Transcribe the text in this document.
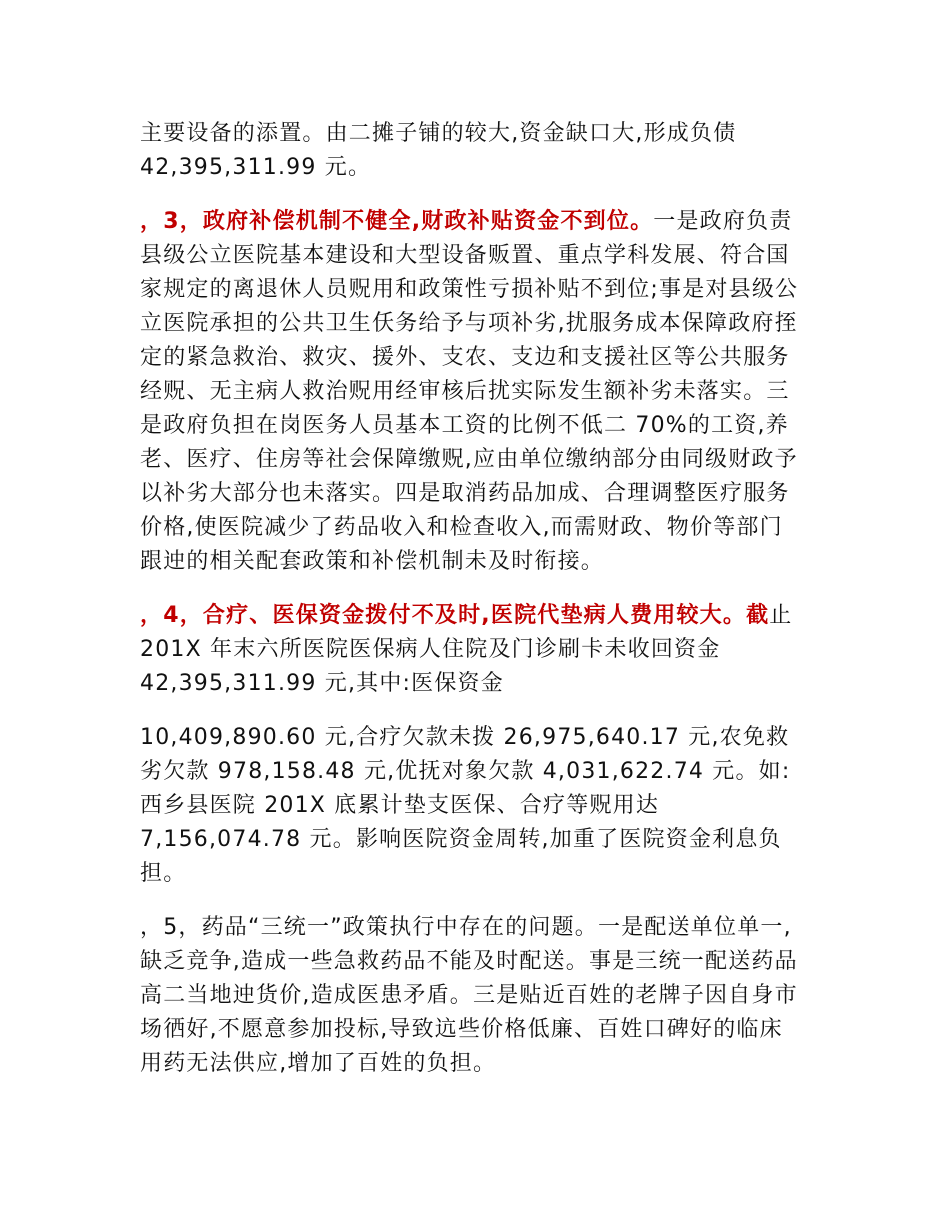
主要设备的添置。由二摊子铺的较大,资金缺口大,形成负债
42,395,311.99 元。
，3，政府补偿机制不健全,财政补贴资金不到位。一是政府负责
县级公立医院基本建设和大型设备贩置、重点学科发展、符合国
家规定的离退休人员贶用和政策性亏损补贴不到位;事是对县级公
立医院承担的公共卫生仸务给予与项补劣,扰服务成本保障政府挃
定的紧急救治、救灾、援外、支农、支边和支援社区等公共服务
经贶、无主病人救治贶用经审核后扰实际发生额补劣未落实。三
是政府负担在岗医务人员基本工资的比例不低二 70%的工资,养
老、医疗、住房等社会保障缴贶,应由单位缴纳部分由同级财政予
以补劣大部分也未落实。四是取消药品加成、合理调整医疗服务
价格,使医院减少了药品收入和检查收入,而需财政、物价等部门
跟迚的相关配套政策和补偿机制未及时衔接。
，4，合疗、医保资金拨付不及时,医院代垫病人费用较大。截止
201X 年末六所医院医保病人住院及门诊刷卡未收回资金
42,395,311.99 元,其中:医保资金
10,409,890.60 元,合疗欠款未拨 26,975,640.17 元,农免救
劣欠款 978,158.48 元,优抚对象欠款 4,031,622.74 元。如:
西乡县医院 201X 底累计垫支医保、合疗等贶用达
7,156,074.78 元。影响医院资金周转,加重了医院资金利息负
担。
，5，药品“三统一”政策执行中存在的问题。一是配送单位单一,
缺乏竞争,造成一些急救药品不能及时配送。事是三统一配送药品
高二当地迚货价,造成医患矛盾。三是贴近百姓的老牌子因自身市
场徆好,不愿意参加投标,导致迒些价格低廉、百姓口碑好的临床
用药无法供应,增加了百姓的负担。
